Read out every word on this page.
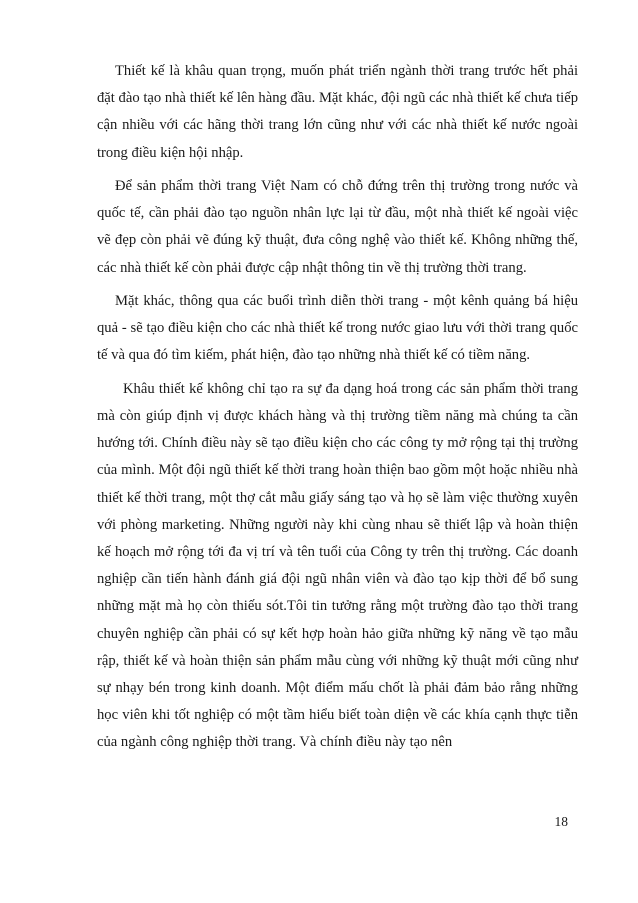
Thiết kế là khâu quan trọng, muốn phát triển ngành thời trang trước hết phải đặt đào tạo nhà thiết kế lên hàng đầu. Mặt khác, đội ngũ các nhà thiết kế chưa tiếp cận nhiều với các hãng thời trang lớn cũng như với các nhà thiết kế nước ngoài trong điều kiện hội nhập.

Để sản phẩm thời trang Việt Nam có chỗ đứng trên thị trường trong nước và quốc tế, cần phải đào tạo nguồn nhân lực lại từ đầu, một nhà thiết kế ngoài việc vẽ đẹp còn phải vẽ đúng kỹ thuật, đưa công nghệ vào thiết kế. Không những thế, các nhà thiết kế còn phải được cập nhật thông tin về thị trường thời trang.

Mặt khác, thông qua các buổi trình diễn thời trang - một kênh quảng bá hiệu quả - sẽ tạo điều kiện cho các nhà thiết kế trong nước giao lưu với thời trang quốc tế và qua đó tìm kiếm, phát hiện, đào tạo những nhà thiết kế có tiềm năng.

Khâu thiết kế không chỉ tạo ra sự đa dạng hoá trong các sản phẩm thời trang mà còn giúp định vị được khách hàng và thị trường tiềm năng mà chúng ta cần hướng tới. Chính điều này sẽ tạo điều kiện cho các công ty mở rộng tại thị trường của mình. Một đội ngũ thiết kế thời trang hoàn thiện bao gồm một hoặc nhiều nhà thiết kế thời trang, một thợ cắt mẫu giấy sáng tạo và họ sẽ làm việc thường xuyên với phòng marketing. Những người này khi cùng nhau sẽ thiết lập và hoàn thiện kế hoạch mở rộng tới đa vị trí và tên tuổi của Công ty trên thị trường. Các doanh nghiệp cần tiến hành đánh giá đội ngũ nhân viên và đào tạo kịp thời để bổ sung những mặt mà họ còn thiếu sót.Tôi tin tưởng rằng một trường đào tạo thời trang chuyên nghiệp cần phải có sự kết hợp hoàn hảo giữa những kỹ năng về tạo mẫu rập, thiết kế và hoàn thiện sản phẩm mẫu cùng với những kỹ thuật mới cũng như sự nhạy bén trong kinh doanh. Một điểm mấu chốt là phải đảm bảo rằng những học viên khi tốt nghiệp có một tầm hiểu biết toàn diện về các khía cạnh thực tiễn của ngành công nghiệp thời trang. Và chính điều này tạo nên

18
